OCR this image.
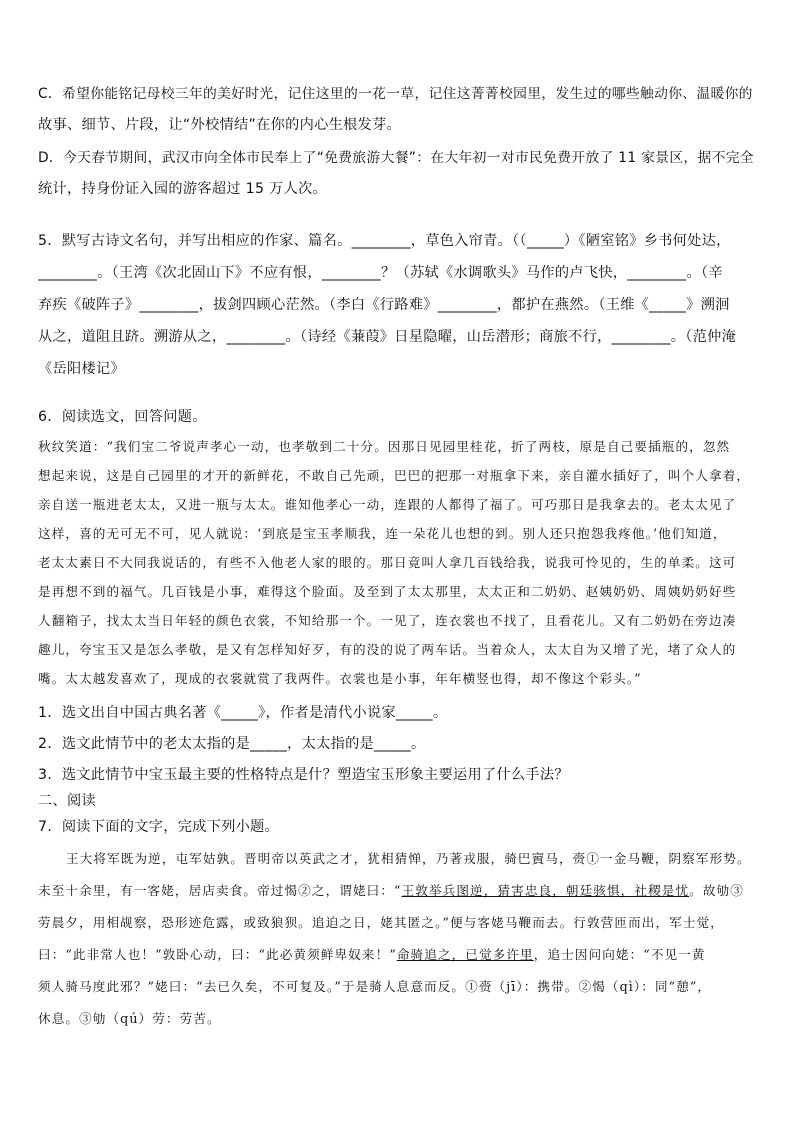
C．希望你能铭记母校三年的美好时光，记住这里的一花一草，记住这菁菁校园里，发生过的哪些触动你、温暖你的
故事、细节、片段，让“外校情结”在你的内心生根发芽。
D．今天春节期间，武汉市向全体市民奉上了“免费旅游大餐”：在大年初一对市民免费开放了 11 家景区，据不完全
统计，持身份证入园的游客超过 15 万人次。
5．默写古诗文名句，并写出相应的作家、篇名。________，草色入帘青。（（_____）《陋室铭》乡书何处达，
________。（王湾《次北固山下》不应有恨，________？（苏轼《水调歌头》马作的卢飞快，________。（辛
弃疾《破阵子》________，拔剑四顾心茫然。（李白《行路难》________，都护在燕然。（王维《_____》溯洄
从之，道阻且跻。溯游从之，________。（诗经《蒹葭》日星隐曜，山岳潜形；商旅不行，________。（范仲淹
《岳阳楼记》
6．阅读选文，回答问题。
秋纹笑道：“我们宝二爷说声孝心一动，也孝敬到二十分。因那日见园里桂花，折了两枝，原是自己要插瓶的，忽然
想起来说，这是自己园里的才开的新鲜花，不敢自己先顽，巴巴的把那一对瓶拿下来，亲自灌水插好了，叫个人拿着，
亲自送一瓶进老太太，又进一瓶与太太。谁知他孝心一动，连跟的人都得了福了。可巧那日是我拿去的。老太太见了
这样，喜的无可无不可，见人就说：‘到底是宝玉孝顺我，连一朵花儿也想的到。别人还只抱怨我疼他。’他们知道，
老太太素日不大同我说话的，有些不入他老人家的眼的。那日竟叫人拿几百钱给我，说我可怜见的，生的单柔。这可
是再想不到的福气。几百钱是小事，难得这个脸面。及至到了太太那里，太太正和二奶奶、赵姨奶奶、周姨奶奶好些
人翻箱子，找太太当日年轻的颜色衣裳，不知给那一个。一见了，连衣裳也不找了，且看花儿。又有二奶奶在旁边凑
趣儿，夸宝玉又是怎么孝敬，是又有怎样知好歹，有的没的说了两车话。当着众人，太太自为又增了光，堵了众人的
嘴。太太越发喜欢了，现成的衣裳就赏了我两件。衣裳也是小事，年年横竖也得，却不像这个彩头。”
1．选文出自中国古典名著《_____》，作者是清代小说家_____。
2．选文此情节中的老太太指的是_____，太太指的是_____。
3．选文此情节中宝玉最主要的性格特点是什？塑造宝玉形象主要运用了什么手法？
二、阅读
7．阅读下面的文字，完成下列小题。
王大将军既为逆，屯军姑孰。晋明帝以英武之才，犹相猜惮，乃著戎服，骑巴賨马，赍①一金马鞭，阴察军形势。
未至十余里，有一客姥，居店卖食。帝过愒②之，谓姥曰：“王敦举兵图逆，猜害忠良，朝廷骇惧，社稷是忧。故劬③
劳晨夕，用相觇察，恐形迹危露，或致狼狈。追迫之日，姥其匿之。”便与客姥马鞭而去。行敦营匝而出，军士觉，
曰：“此非常人也！”敦卧心动，曰：“此必黄须鲜卑奴来！”命骑追之，已觉多许里，追士因问向姥：“不见一黄
须人骑马度此邪？”姥曰：“去已久矣，不可复及。”于是骑人息意而反。①赍（jī）：携带。②愒（qì）：同“憩”，
休息。③劬（qú）劳：劳苦。
